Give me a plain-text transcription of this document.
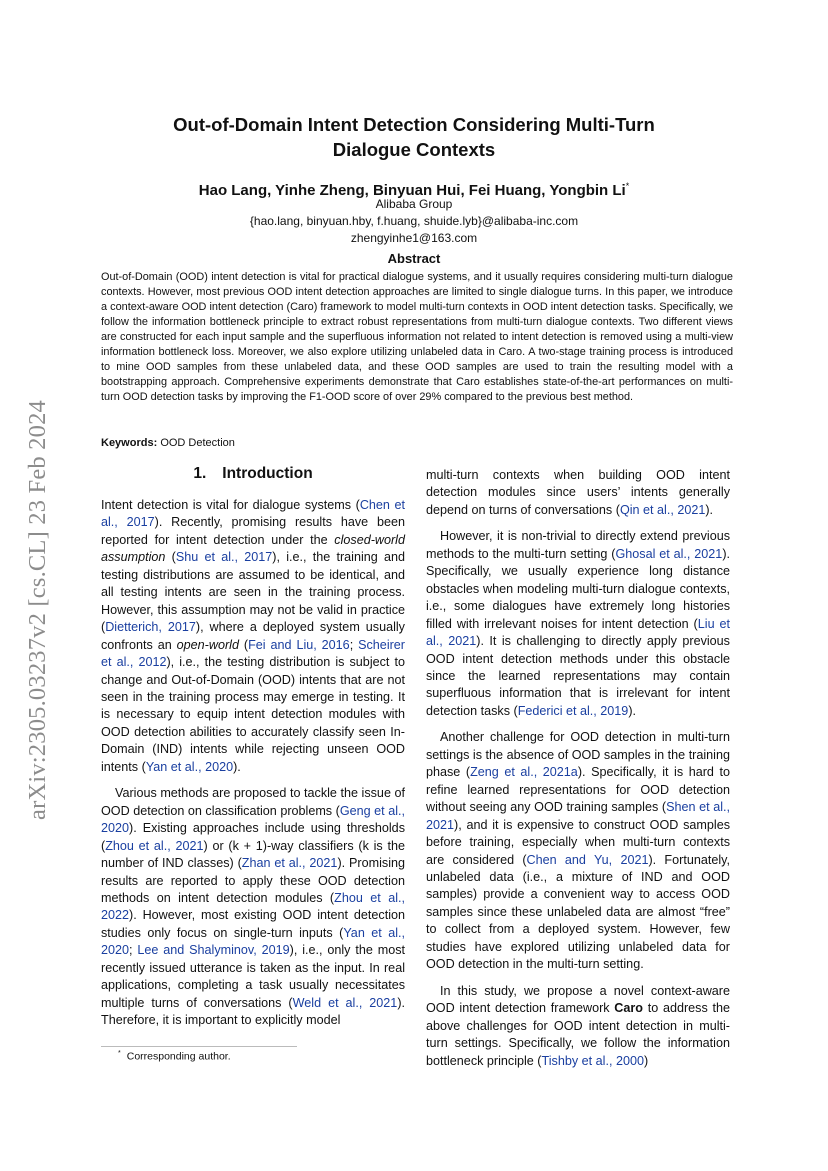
arXiv:2305.03237v2 [cs.CL] 23 Feb 2024
Out-of-Domain Intent Detection Considering Multi-Turn
Dialogue Contexts
Hao Lang, Yinhe Zheng, Binyuan Hui, Fei Huang, Yongbin Li*
Alibaba Group
{hao.lang, binyuan.hby, f.huang, shuide.lyb}@alibaba-inc.com
zhengyinhe1@163.com
Abstract
Out-of-Domain (OOD) intent detection is vital for practical dialogue systems, and it usually requires considering multi-turn dialogue contexts. However, most previous OOD intent detection approaches are limited to single dialogue turns. In this paper, we introduce a context-aware OOD intent detection (Caro) framework to model multi-turn contexts in OOD intent detection tasks. Specifically, we follow the information bottleneck principle to extract robust representations from multi-turn dialogue contexts. Two different views are constructed for each input sample and the superfluous information not related to intent detection is removed using a multi-view information bottleneck loss. Moreover, we also explore utilizing unlabeled data in Caro. A two-stage training process is introduced to mine OOD samples from these unlabeled data, and these OOD samples are used to train the resulting model with a bootstrapping approach. Comprehensive experiments demonstrate that Caro establishes state-of-the-art performances on multi-turn OOD detection tasks by improving the F1-OOD score of over 29% compared to the previous best method.
Keywords: OOD Detection
1. Introduction

Intent detection is vital for dialogue systems (Chen et al., 2017). Recently, promising results have been reported for intent detection under the closed-world assumption (Shu et al., 2017), i.e., the training and testing distributions are assumed to be identical, and all testing intents are seen in the training process. However, this assumption may not be valid in practice (Dietterich, 2017), where a deployed system usually confronts an open-world (Fei and Liu, 2016; Scheirer et al., 2012), i.e., the testing distribution is subject to change and Out-of-Domain (OOD) intents that are not seen in the training process may emerge in testing. It is necessary to equip intent detection modules with OOD detection abilities to accurately classify seen In-Domain (IND) intents while rejecting unseen OOD intents (Yan et al., 2020).

Various methods are proposed to tackle the issue of OOD detection on classification problems (Geng et al., 2020). Existing approaches include using thresholds (Zhou et al., 2021) or (k + 1)-way classifiers (k is the number of IND classes) (Zhan et al., 2021). Promising results are reported to apply these OOD detection methods on intent detection modules (Zhou et al., 2022). However, most existing OOD intent detection studies only focus on single-turn inputs (Yan et al., 2020; Lee and Shalyminov, 2019), i.e., only the most recently issued utterance is taken as the input. In real applications, completing a task usually necessitates multiple turns of conversations (Weld et al., 2021). Therefore, it is important to explicitly model

multi-turn contexts when building OOD intent detection modules since users’ intents generally depend on turns of conversations (Qin et al., 2021).

However, it is non-trivial to directly extend previous methods to the multi-turn setting (Ghosal et al., 2021). Specifically, we usually experience long distance obstacles when modeling multi-turn dialogue contexts, i.e., some dialogues have extremely long histories filled with irrelevant noises for intent detection (Liu et al., 2021). It is challenging to directly apply previous OOD intent detection methods under this obstacle since the learned representations may contain superfluous information that is irrelevant for intent detection tasks (Federici et al., 2019).

Another challenge for OOD detection in multi-turn settings is the absence of OOD samples in the training phase (Zeng et al., 2021a). Specifically, it is hard to refine learned representations for OOD detection without seeing any OOD training samples (Shen et al., 2021), and it is expensive to construct OOD samples before training, especially when multi-turn contexts are considered (Chen and Yu, 2021). Fortunately, unlabeled data (i.e., a mixture of IND and OOD samples) provide a convenient way to access OOD samples since these unlabeled data are almost “free” to collect from a deployed system. However, few studies have explored utilizing unlabeled data for OOD detection in the multi-turn setting.

In this study, we propose a novel context-aware OOD intent detection framework Caro to address the above challenges for OOD intent detection in multi-turn settings. Specifically, we follow the information bottleneck principle (Tishby et al., 2000)

* Corresponding author.
